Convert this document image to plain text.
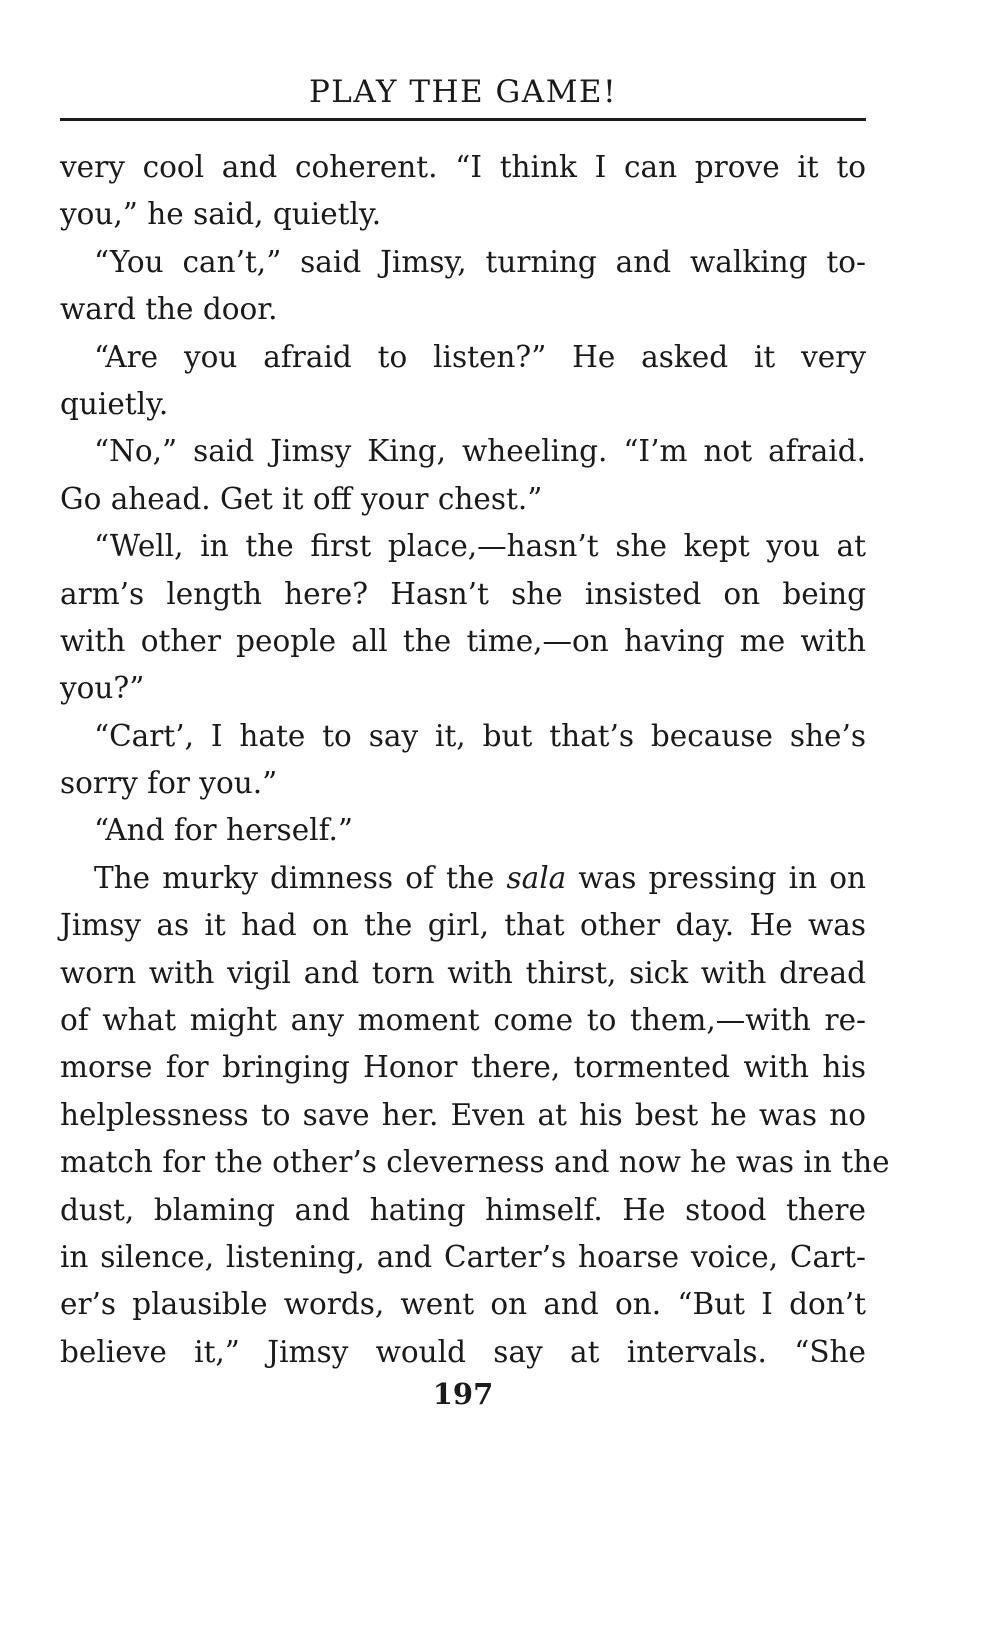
PLAY THE GAME!
very cool and coherent. “I think I can prove it to
you,” he said, quietly.
“You can’t,” said Jimsy, turning and walking to-
ward the door.
“Are you afraid to listen?” He asked it very
quietly.
“No,” said Jimsy King, wheeling. “I’m not afraid.
Go ahead. Get it off your chest.”
“Well, in the first place,—hasn’t she kept you at
arm’s length here? Hasn’t she insisted on being
with other people all the time,—on having me with
you?”
“Cart’, I hate to say it, but that’s because she’s
sorry for you.”
“And for herself.”
The murky dimness of the sala was pressing in on
Jimsy as it had on the girl, that other day. He was
worn with vigil and torn with thirst, sick with dread
of what might any moment come to them,—with re-
morse for bringing Honor there, tormented with his
helplessness to save her. Even at his best he was no
match for the other’s cleverness and now he was in the
dust, blaming and hating himself. He stood there
in silence, listening, and Carter’s hoarse voice, Cart-
er’s plausible words, went on and on. “But I don’t
believe it,” Jimsy would say at intervals. “She
197
